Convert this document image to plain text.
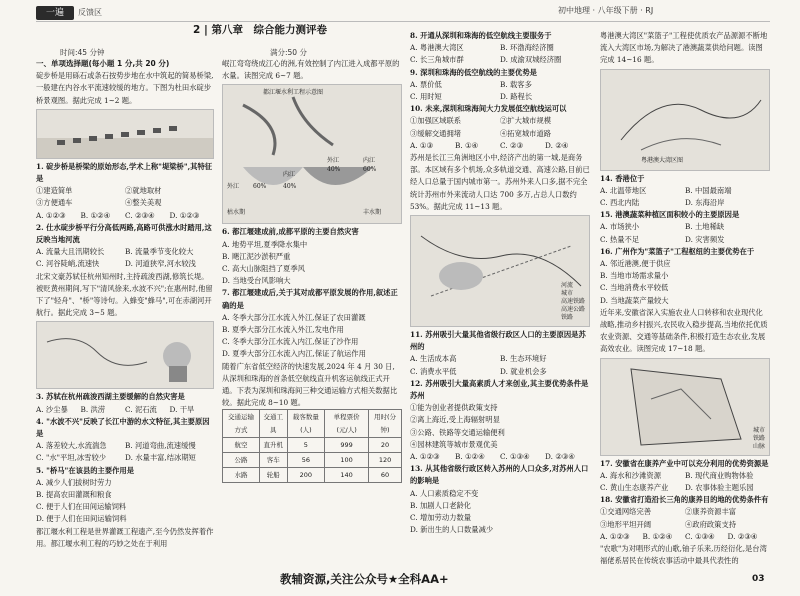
一遍	反馈区	初中地理 · 八年级下册 · RJ
2 | 第八章　综合能力测评卷
时间:45 分钟	满分:50 分

一、单项选择题(每小题 1 分,共 20 分)

碇步桥是用砾石或条石按势步地在水中筑起的简易桥梁,一般建在内谷水平流速较缓的地方。下图为杜田水碇步桥景观图。据此完成 1~2 题。

1. 碇步桥是桥梁的原始形态,学术上称"堤梁桥",其特征是

①建造简单	②就地取材
③方便通车	④整关美观
A. ①②③	B. ①②④	C. ②③④	D. ①②③

2. 仕水碇步桥平行分高低两路,高路可供涨水时踏用,这反映当地河流

A. 流量大且汛期较长	B. 流量季节变化较大
C. 河谷陡峭,流速快	D. 河道狭窄,河水较浅

北宋文豪苏轼任杭州知州时,主持疏浚西湖,修筑长堤。被贬黄州期间,写下"清风徐来,水波不兴";在惠州时,他留下了"轻舟"、"桥"等诗句。入蜂变"蜂马",可在赤湖河开航行。据此完成 3~5 题。

3. 苏轼在杭州疏浚西湖主要缓解的自然灾害是

A. 沙尘暴	B. 洪涝	C. 泥石流	D. 干旱

4. "水波不兴"反映了长江中游的水文特征,其主要原因是

A. 落差较大,水流湍急	B. 河道弯曲,流速缓慢
C. "水"平坦,冰雪较少	D. 水量丰富,结冰期短

5. "桥马"在该县的主要作用是

A. 减少人们拔树时劳力
B. 提高农田灌溉和粮食
C. 便于人们在田间运输饲料
D. 便于人们在田间运输饲料

都江堰水利工程是世界灌溉工程遗产,至今仍然发挥着作用。都江堰水利工程的巧妙之处在于利用

岷江弯弯绕成江心的洲,有效控制了内江进入成都平原的水量。读图完成 6~7 题。

都江堰水利工程示意图
外江	内江
40%	60%
60%	40%
外江
内江
丰水期
枯水期

6. 都江堰建成前,成都平原的主要自然灾害

A. 地势平坦,夏季降水集中
B. 飓江泥沙淤积严重
C. 高大山脉阻挡了夏季风
D. 当地受台风影响大

7. 都江堰建成后,关于其对成都平原发展的作用,叙述正确的是

A. 冬季大部分江水流入外江,保证了农田灌溉
B. 夏季大部分江水流入外江,发电作用
C. 冬季大部分江水流入内江,保证了沙作用
D. 夏季大部分江水流入内江,保证了航运作用

随着广东省低空经济的快速发展,2024 年 4 月 30 日,从深圳和珠海的首条低空航线直升机客运航线正式开通。下表为深圳和珠海间三种交通运输方式相关数据比较。据此完成 8~10 题。

交通运输方式	交通工具	载客数量(人)	单程票价(元/人)	用时(分钟)
航空	直升机	5	999	20
公路	客车	56	100	120
水路	轮船	200	140	60

8. 开通从深圳和珠海的低空航线主要服务于

A. 粤港澳大湾区	B. 环渤海经济圈
C. 长三角城市群	D. 成渝双城经济圈

9. 深圳和珠海的低空航线的主要优势是

A. 票价低	B. 载客多
C. 用时短	D. 路程长

10. 未来,深圳和珠海间大力发展低空航线运可以

①加强区域联系	②扩大城市规模
③缓解交通拥堵	④拓宽城市道路
A. ①③	B. ①④	C. ②③	D. ②④

苏州是长江三角洲地区小中,经济产出的第一城,是商务部。本区域有多个机场,众多轨道交通、高速公路,目前已经人口总量于国内城市第一。苏州外来人口多,据不完全统计苏州市外来流动人口达 700 多万,占总人口数约 53%。据此完成 11~13 题。

河流
城市
高速铁路
高速公路
铁路

11. 苏州吸引大量其他省级行政区人口的主要原因是苏州的

A. 生活成本高	B. 生态环境好
C. 消费水平低	D. 就业机会多

12. 苏州吸引大量高素质人才来创业,其主要优势条件是苏州

①能为创业者提供政策支持
②离上海近,受上海辐射明显
③公路、铁路等交通运输便利
④园林建筑等城市景观优美
A. ①②③	B. ①②④	C. ①③④	D. ②③④

13. 从其他省级行政区转入苏州的人口众多,对苏州人口的影响是

A. 人口素质稳定不变
B. 加剧人口老龄化
C. 增加劳动力数量
D. 新出生的人口数量减少

粤港澳大湾区"菜篮子"工程使优质农产品源源不断地流入大湾区市场,为解决了港澳蔬菜供给问题。读图完成 14~16 题。

粤港澳大湾区图

14. 香港位于

A. 北温带地区	B. 中国最南端
C. 西北内陆	D. 东海沿岸

15. 港澳蔬菜种植区面积较小的主要原因是

A. 市场狭小	B. 土地稀缺
C. 热量不足	D. 灾害频发

16. 广州作为"菜篮子"工程枢纽的主要优势在于

A. 邻近港澳,便于供应
B. 当地市场需求量小
C. 当地消费水平较低
D. 当地蔬菜产量较大

近年来,安徽省深入实施农业人口转移和农业现代化战略,推动乡村振兴,农民收入稳步提高,当地依托优质农业资源、交通等基础条件,积极打造生态农业,发展高效农业。读图完成 17~18 题。

城市
铁路
山脉

17. 安徽省在康养产业中可以充分利用的优势资源是

A. 海水和沙滩资源	B. 现代商业购物体验
C. 黄山生态康养产业	D. 农事体验主题乐园

18. 安徽省打造沿长三角的康养目的地的优势条件有

①交通网络完善	②康养资源丰富
③地形平坦开阔	④政府政策支持
A. ①②③	B. ①②④	C. ①③④	D. ②③④

"农歌"为对唱形式的山歌,铀子乐来,历经衍化,是台湾福佬系居民在传统农事活动中最具代表性的

教辅资源,关注公众号★全科AA+	03
